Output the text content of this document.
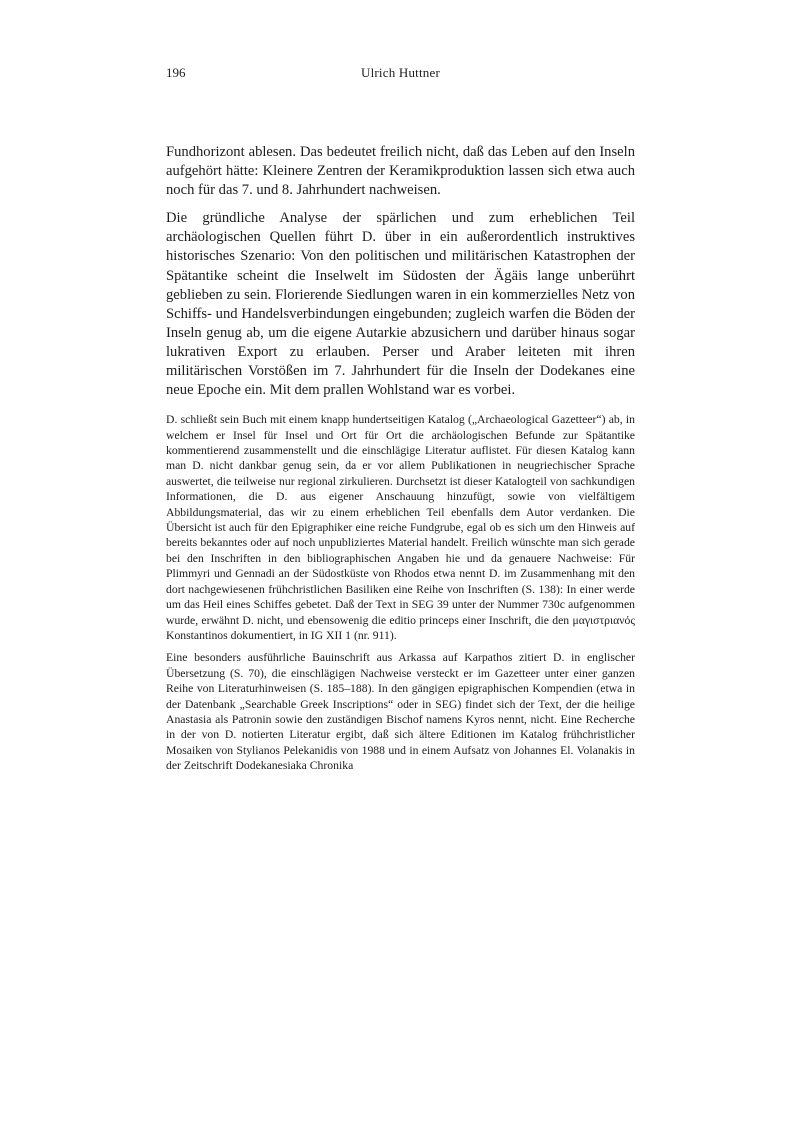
196	Ulrich Huttner

Fundhorizont ablesen. Das bedeutet freilich nicht, daß das Leben auf den Inseln aufgehört hätte: Kleinere Zentren der Keramikproduktion lassen sich etwa auch noch für das 7. und 8. Jahrhundert nachweisen.

Die gründliche Analyse der spärlichen und zum erheblichen Teil archäologischen Quellen führt D. über in ein außerordentlich instruktives historisches Szenario: Von den politischen und militärischen Katastrophen der Spätantike scheint die Inselwelt im Südosten der Ägäis lange unberührt geblieben zu sein. Florierende Siedlungen waren in ein kommerzielles Netz von Schiffs- und Handelsverbindungen eingebunden; zugleich warfen die Böden der Inseln genug ab, um die eigene Autarkie abzusichern und darüber hinaus sogar lukrativen Export zu erlauben. Perser und Araber leiteten mit ihren militärischen Vorstößen im 7. Jahrhundert für die Inseln der Dodekanes eine neue Epoche ein. Mit dem prallen Wohlstand war es vorbei.

D. schließt sein Buch mit einem knapp hundertseitigen Katalog („Archaeological Gazetteer“) ab, in welchem er Insel für Insel und Ort für Ort die archäologischen Befunde zur Spätantike kommentierend zusammenstellt und die einschlägige Literatur auflistet. Für diesen Katalog kann man D. nicht dankbar genug sein, da er vor allem Publikationen in neugriechischer Sprache auswertet, die teilweise nur regional zirkulieren. Durchsetzt ist dieser Katalogteil von sachkundigen Informationen, die D. aus eigener Anschauung hinzufügt, sowie von vielfältigem Abbildungsmaterial, das wir zu einem erheblichen Teil ebenfalls dem Autor verdanken. Die Übersicht ist auch für den Epigraphiker eine reiche Fundgrube, egal ob es sich um den Hinweis auf bereits bekanntes oder auf noch unpubliziertes Material handelt. Freilich wünschte man sich gerade bei den Inschriften in den bibliographischen Angaben hie und da genauere Nachweise: Für Plimmyri und Gennadi an der Südostküste von Rhodos etwa nennt D. im Zusammenhang mit den dort nachgewiesenen frühchristlichen Basiliken eine Reihe von Inschriften (S. 138): In einer werde um das Heil eines Schiffes gebetet. Daß der Text in SEG 39 unter der Nummer 730c aufgenommen wurde, erwähnt D. nicht, und ebensowenig die editio princeps einer Inschrift, die den μαγιστριανός Konstantinos dokumentiert, in IG XII 1 (nr. 911).

Eine besonders ausführliche Bauinschrift aus Arkassa auf Karpathos zitiert D. in englischer Übersetzung (S. 70), die einschlägigen Nachweise versteckt er im Gazetteer unter einer ganzen Reihe von Literaturhinweisen (S. 185–188). In den gängigen epigraphischen Kompendien (etwa in der Datenbank „Searchable Greek Inscriptions“ oder in SEG) findet sich der Text, der die heilige Anastasia als Patronin sowie den zuständigen Bischof namens Kyros nennt, nicht. Eine Recherche in der von D. notierten Literatur ergibt, daß sich ältere Editionen im Katalog frühchristlicher Mosaiken von Stylianos Pelekanidis von 1988 und in einem Aufsatz von Johannes El. Volanakis in der Zeitschrift Dodekanesiaka Chronika
